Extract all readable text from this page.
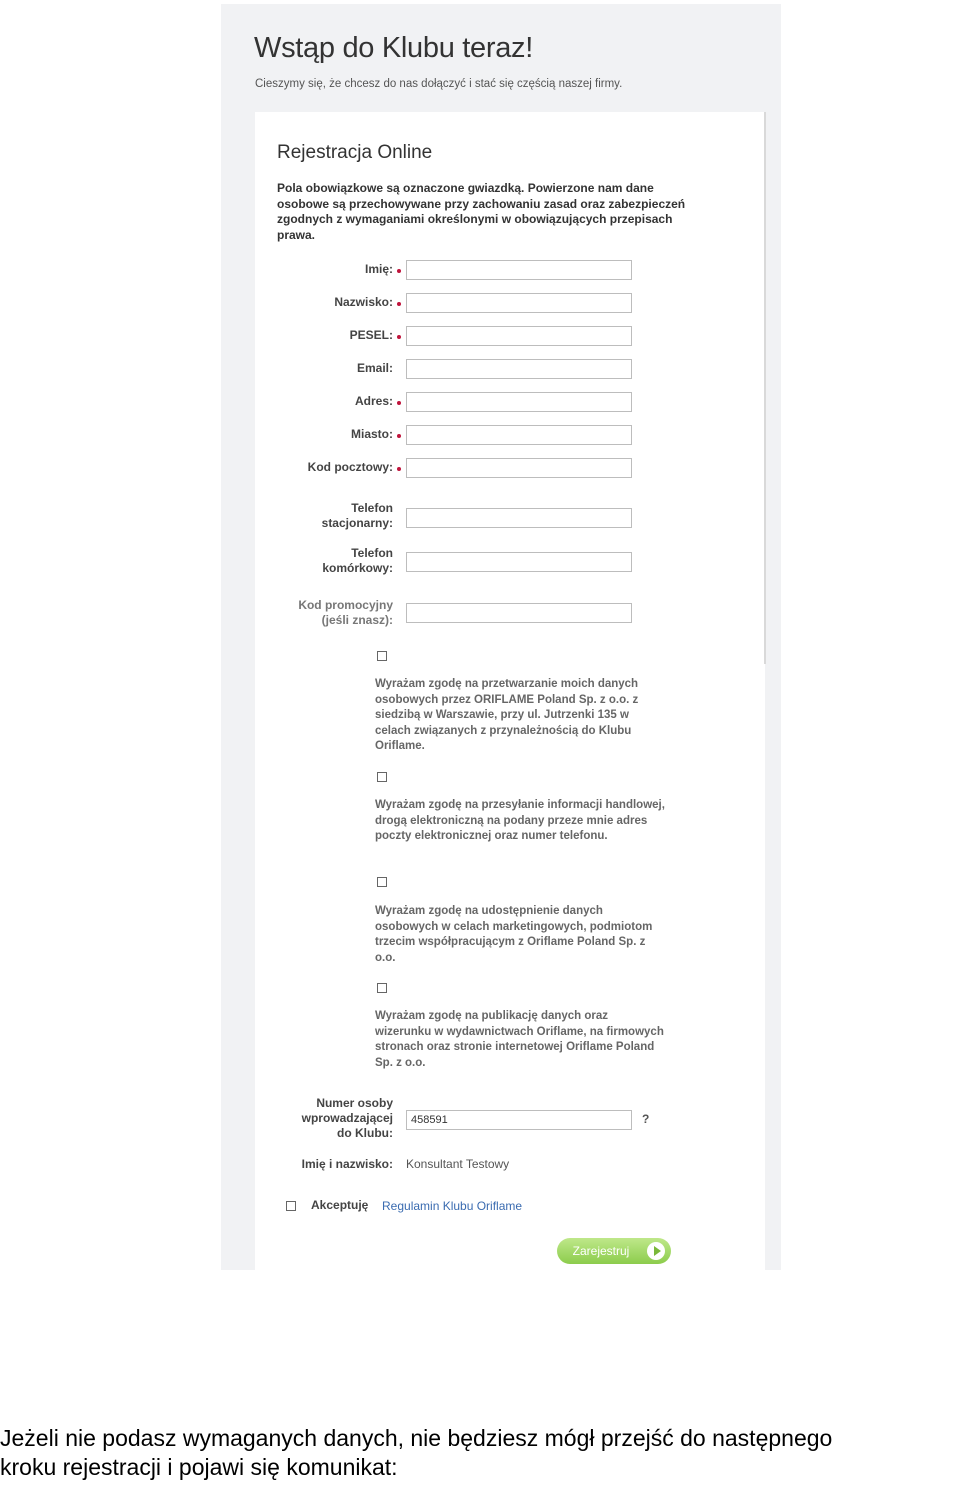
Wstąp do Klubu teraz!
Cieszymy się, że chcesz do nas dołączyć i stać się częścią naszej firmy.
Rejestracja Online
Pola obowiązkowe są oznaczone gwiazdką. Powierzone nam dane osobowe są przechowywane przy zachowaniu zasad oraz zabezpieczeń zgodnych z wymaganiami określonymi w obowiązujących przepisach prawa.
Imię:
Nazwisko:
PESEL:
Email:
Adres:
Miasto:
Kod pocztowy:
Telefon
stacjonarny:
Telefon
komórkowy:
Kod promocyjny
(jeśli znasz):
Wyrażam zgodę na przetwarzanie moich danych osobowych przez ORIFLAME Poland Sp. z o.o. z siedzibą w Warszawie, przy ul. Jutrzenki 135 w celach związanych z przynależnością do Klubu Oriflame.
Wyrażam zgodę na przesyłanie informacji handlowej, drogą elektroniczną na podany przeze mnie adres poczty elektronicznej oraz numer telefonu.
Wyrażam zgodę na udostępnienie danych osobowych w celach marketingowych, podmiotom trzecim współpracującym z Oriflame Poland Sp. z o.o.
Wyrażam zgodę na publikację danych oraz wizerunku w wydawnictwach Oriflame, na firmowych stronach oraz stronie internetowej Oriflame Poland Sp. z o.o.
Numer osoby
wprowadzającej
do Klubu:
458591
?
Imię i nazwisko: Konsultant Testowy
Akceptuję Regulamin Klubu Oriflame
Zarejestruj
Jeżeli nie podasz wymaganych danych, nie będziesz mógł przejść do następnego
kroku rejestracji i pojawi się komunikat:
